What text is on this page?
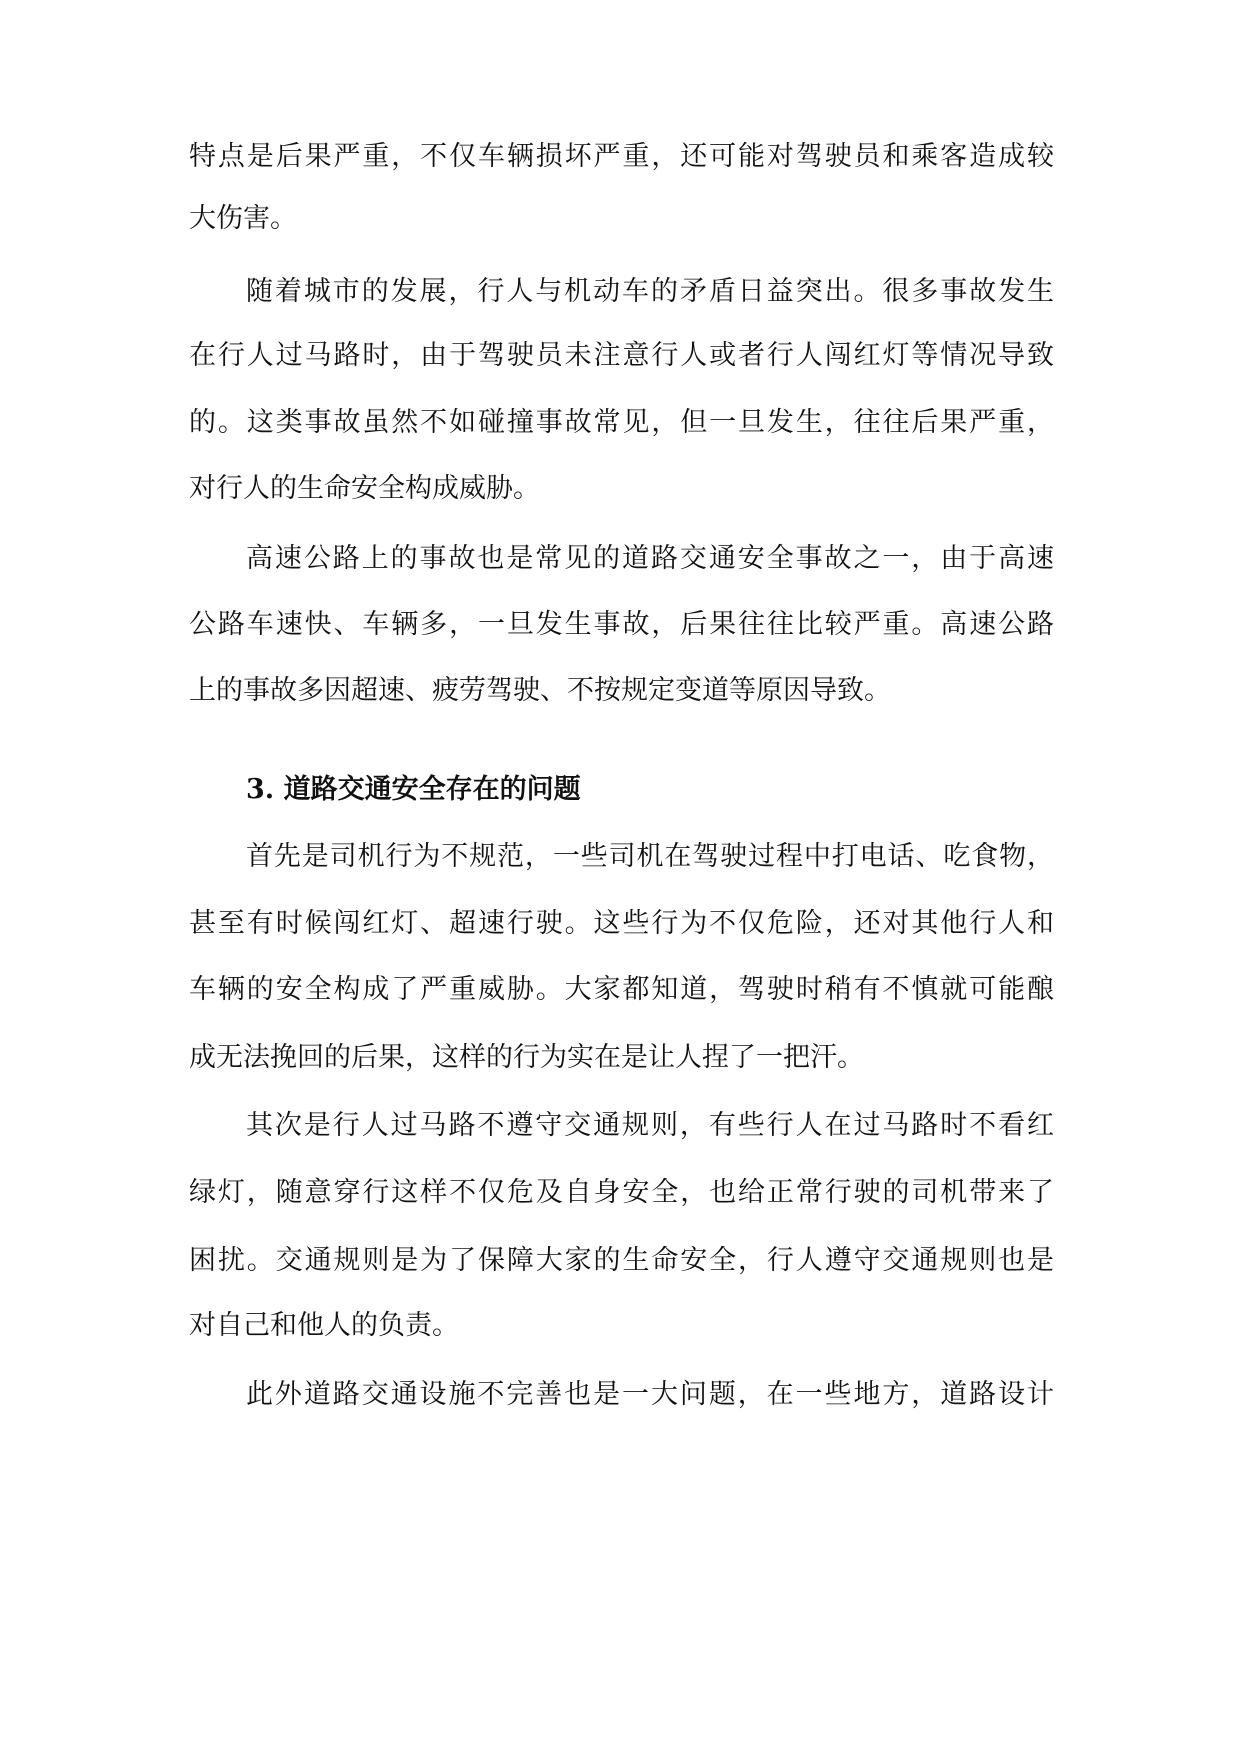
特点是后果严重，不仅车辆损坏严重，还可能对驾驶员和乘客造成较
大伤害。
随着城市的发展，行人与机动车的矛盾日益突出。很多事故发生
在行人过马路时，由于驾驶员未注意行人或者行人闯红灯等情况导致
的。这类事故虽然不如碰撞事故常见，但一旦发生，往往后果严重，
对行人的生命安全构成威胁。
高速公路上的事故也是常见的道路交通安全事故之一，由于高速
公路车速快、车辆多，一旦发生事故，后果往往比较严重。高速公路
上的事故多因超速、疲劳驾驶、不按规定变道等原因导致。
3. 道路交通安全存在的问题
首先是司机行为不规范，一些司机在驾驶过程中打电话、吃食物，
甚至有时候闯红灯、超速行驶。这些行为不仅危险，还对其他行人和
车辆的安全构成了严重威胁。大家都知道，驾驶时稍有不慎就可能酿
成无法挽回的后果，这样的行为实在是让人捏了一把汗。
其次是行人过马路不遵守交通规则，有些行人在过马路时不看红
绿灯，随意穿行这样不仅危及自身安全，也给正常行驶的司机带来了
困扰。交通规则是为了保障大家的生命安全，行人遵守交通规则也是
对自己和他人的负责。
此外道路交通设施不完善也是一大问题，在一些地方，道路设计
